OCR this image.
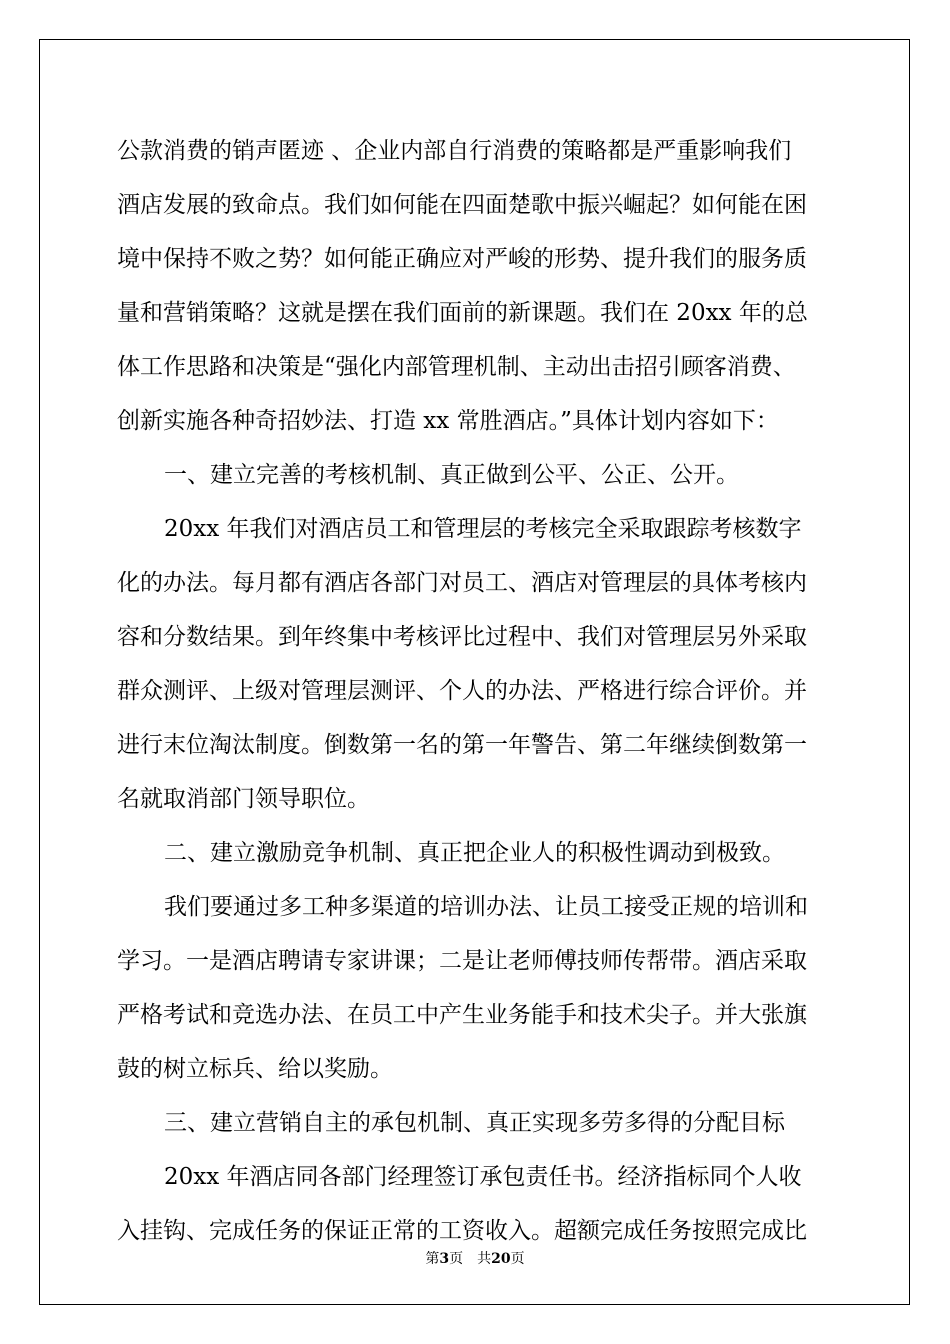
公款消费的销声匿迹 、企业内部自行消费的策略都是严重影响我们
酒店发展的致命点。我们如何能在四面楚歌中振兴崛起？如何能在困
境中保持不败之势？如何能正确应对严峻的形势、提升我们的服务质
量和营销策略？这就是摆在我们面前的新课题。我们在 20xx 年的总
体工作思路和决策是“强化内部管理机制、主动出击招引顾客消费、
创新实施各种奇招妙法、打造 xx 常胜酒店。”具体计划内容如下：
一、建立完善的考核机制、真正做到公平、公正、公开。
20xx 年我们对酒店员工和管理层的考核完全采取跟踪考核数字
化的办法。每月都有酒店各部门对员工、酒店对管理层的具体考核内
容和分数结果。到年终集中考核评比过程中、我们对管理层另外采取
群众测评、上级对管理层测评、个人的办法、严格进行综合评价。并
进行末位淘汰制度。倒数第一名的第一年警告、第二年继续倒数第一
名就取消部门领导职位。
二、建立激励竞争机制、真正把企业人的积极性调动到极致。
我们要通过多工种多渠道的培训办法、让员工接受正规的培训和
学习。一是酒店聘请专家讲课；二是让老师傅技师传帮带。酒店采取
严格考试和竞选办法、在员工中产生业务能手和技术尖子。并大张旗
鼓的树立标兵、给以奖励。
三、建立营销自主的承包机制、真正实现多劳多得的分配目标
20xx 年酒店同各部门经理签订承包责任书。经济指标同个人收
入挂钩、完成任务的保证正常的工资收入。超额完成任务按照完成比
第3页 共20页
